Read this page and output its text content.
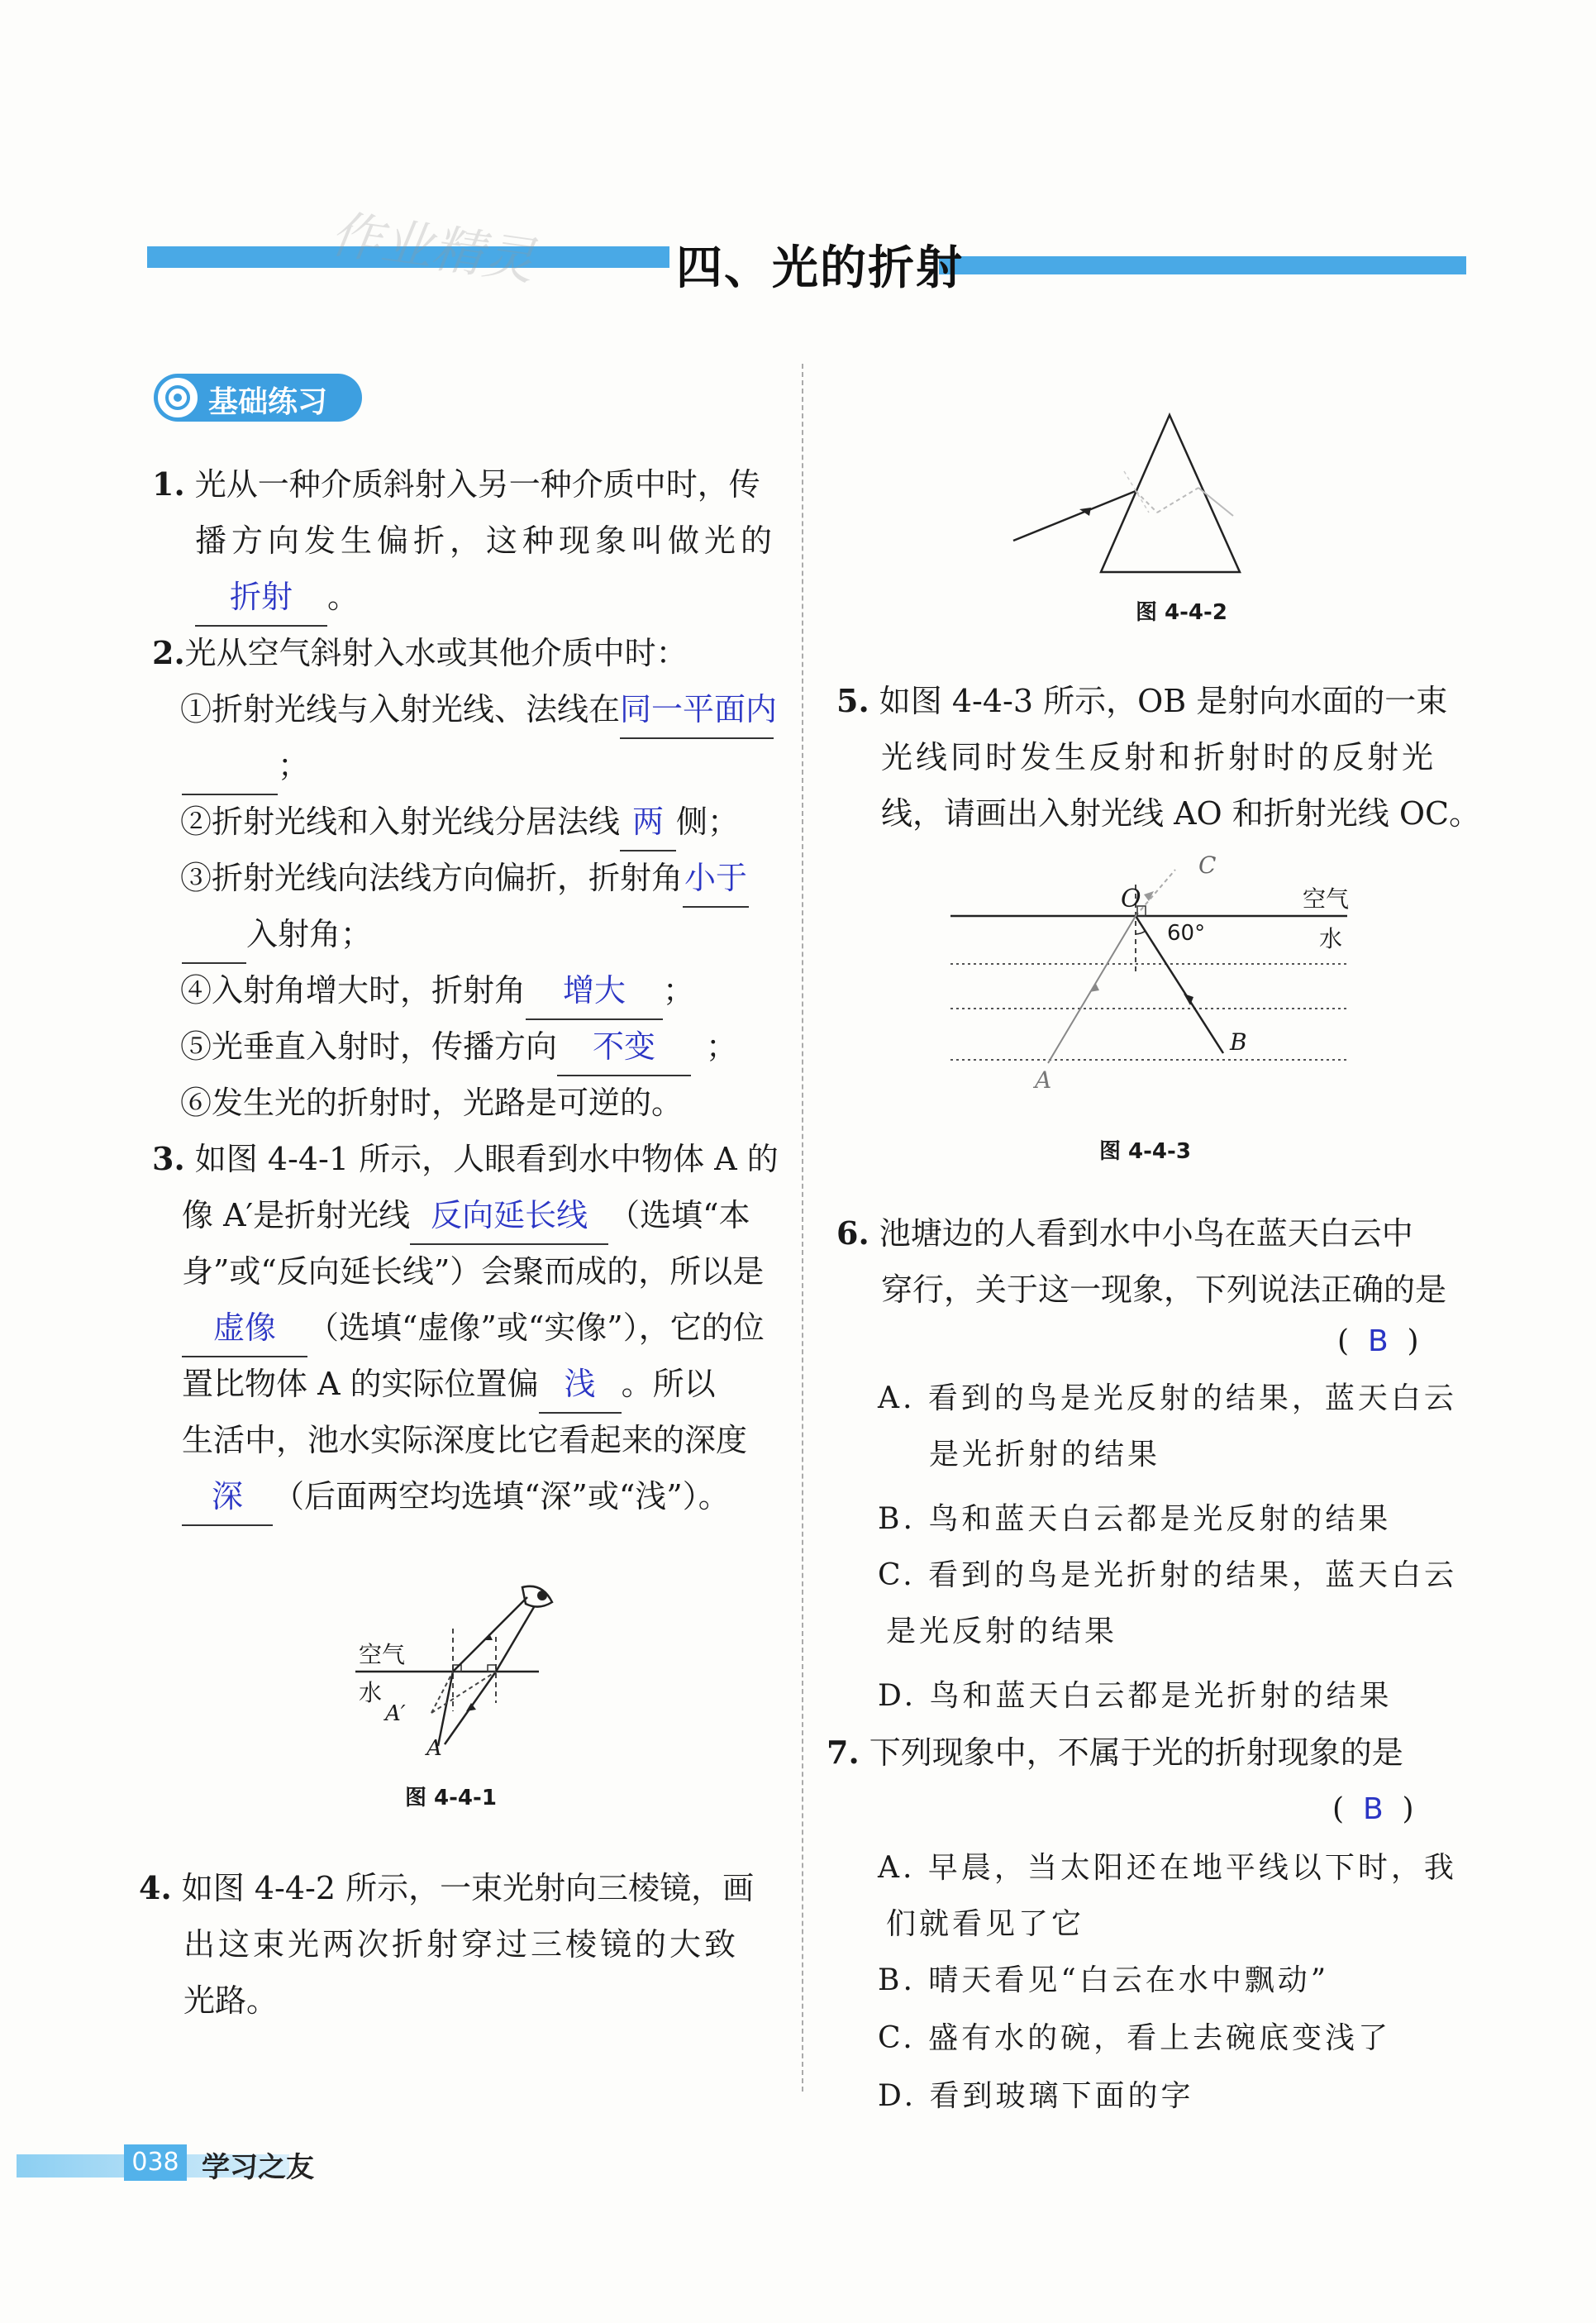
作业精灵	四、光的折射
基础练习
1. 光从一种介质斜射入另一种介质中时，传
播方向发生偏折，这种现象叫做光的
折射 。
2.光从空气斜射入水或其他介质中时：
①折射光线与入射光线、法线在同一平面内
；
②折射光线和入射光线分居法线 两 侧；
③折射光线向法线方向偏折，折射角小于
入射角；
④入射角增大时，折射角 增大 ；
⑤光垂直入射时，传播方向 不变 ；
⑥发生光的折射时，光路是可逆的。
3. 如图 4-4-1 所示，人眼看到水中物体 A 的
像 A′是折射光线 反向延长线 （选填“本
身”或“反向延长线”）会聚而成的，所以是
虚像 （选填“虚像”或“实像”），它的位
置比物体 A 的实际位置偏 浅 。所以
生活中，池水实际深度比它看起来的深度
深 （后面两空均选填“深”或“浅”）。
空气
水
A′
A
图 4-4-1
4. 如图 4-4-2 所示，一束光射向三棱镜，画
出这束光两次折射穿过三棱镜的大致
光路。
图 4-4-2
5. 如图 4-4-3 所示，OB 是射向水面的一束
光线同时发生反射和折射时的反射光
线，请画出入射光线 AO 和折射光线 OC。
O
C
60°
空气
水
B
A
图 4-4-3
6. 池塘边的人看到水中小鸟在蓝天白云中
穿行，关于这一现象，下列说法正确的是
(  B  )
A. 看到的鸟是光反射的结果，蓝天白云
是光折射的结果
B. 鸟和蓝天白云都是光反射的结果
C. 看到的鸟是光折射的结果，蓝天白云
是光反射的结果
D. 鸟和蓝天白云都是光折射的结果
7. 下列现象中，不属于光的折射现象的是
(  B  )
A. 早晨，当太阳还在地平线以下时，我
们就看见了它
B. 晴天看见“白云在水中飘动”
C. 盛有水的碗，看上去碗底变浅了
D. 看到玻璃下面的字
038 学习之友
